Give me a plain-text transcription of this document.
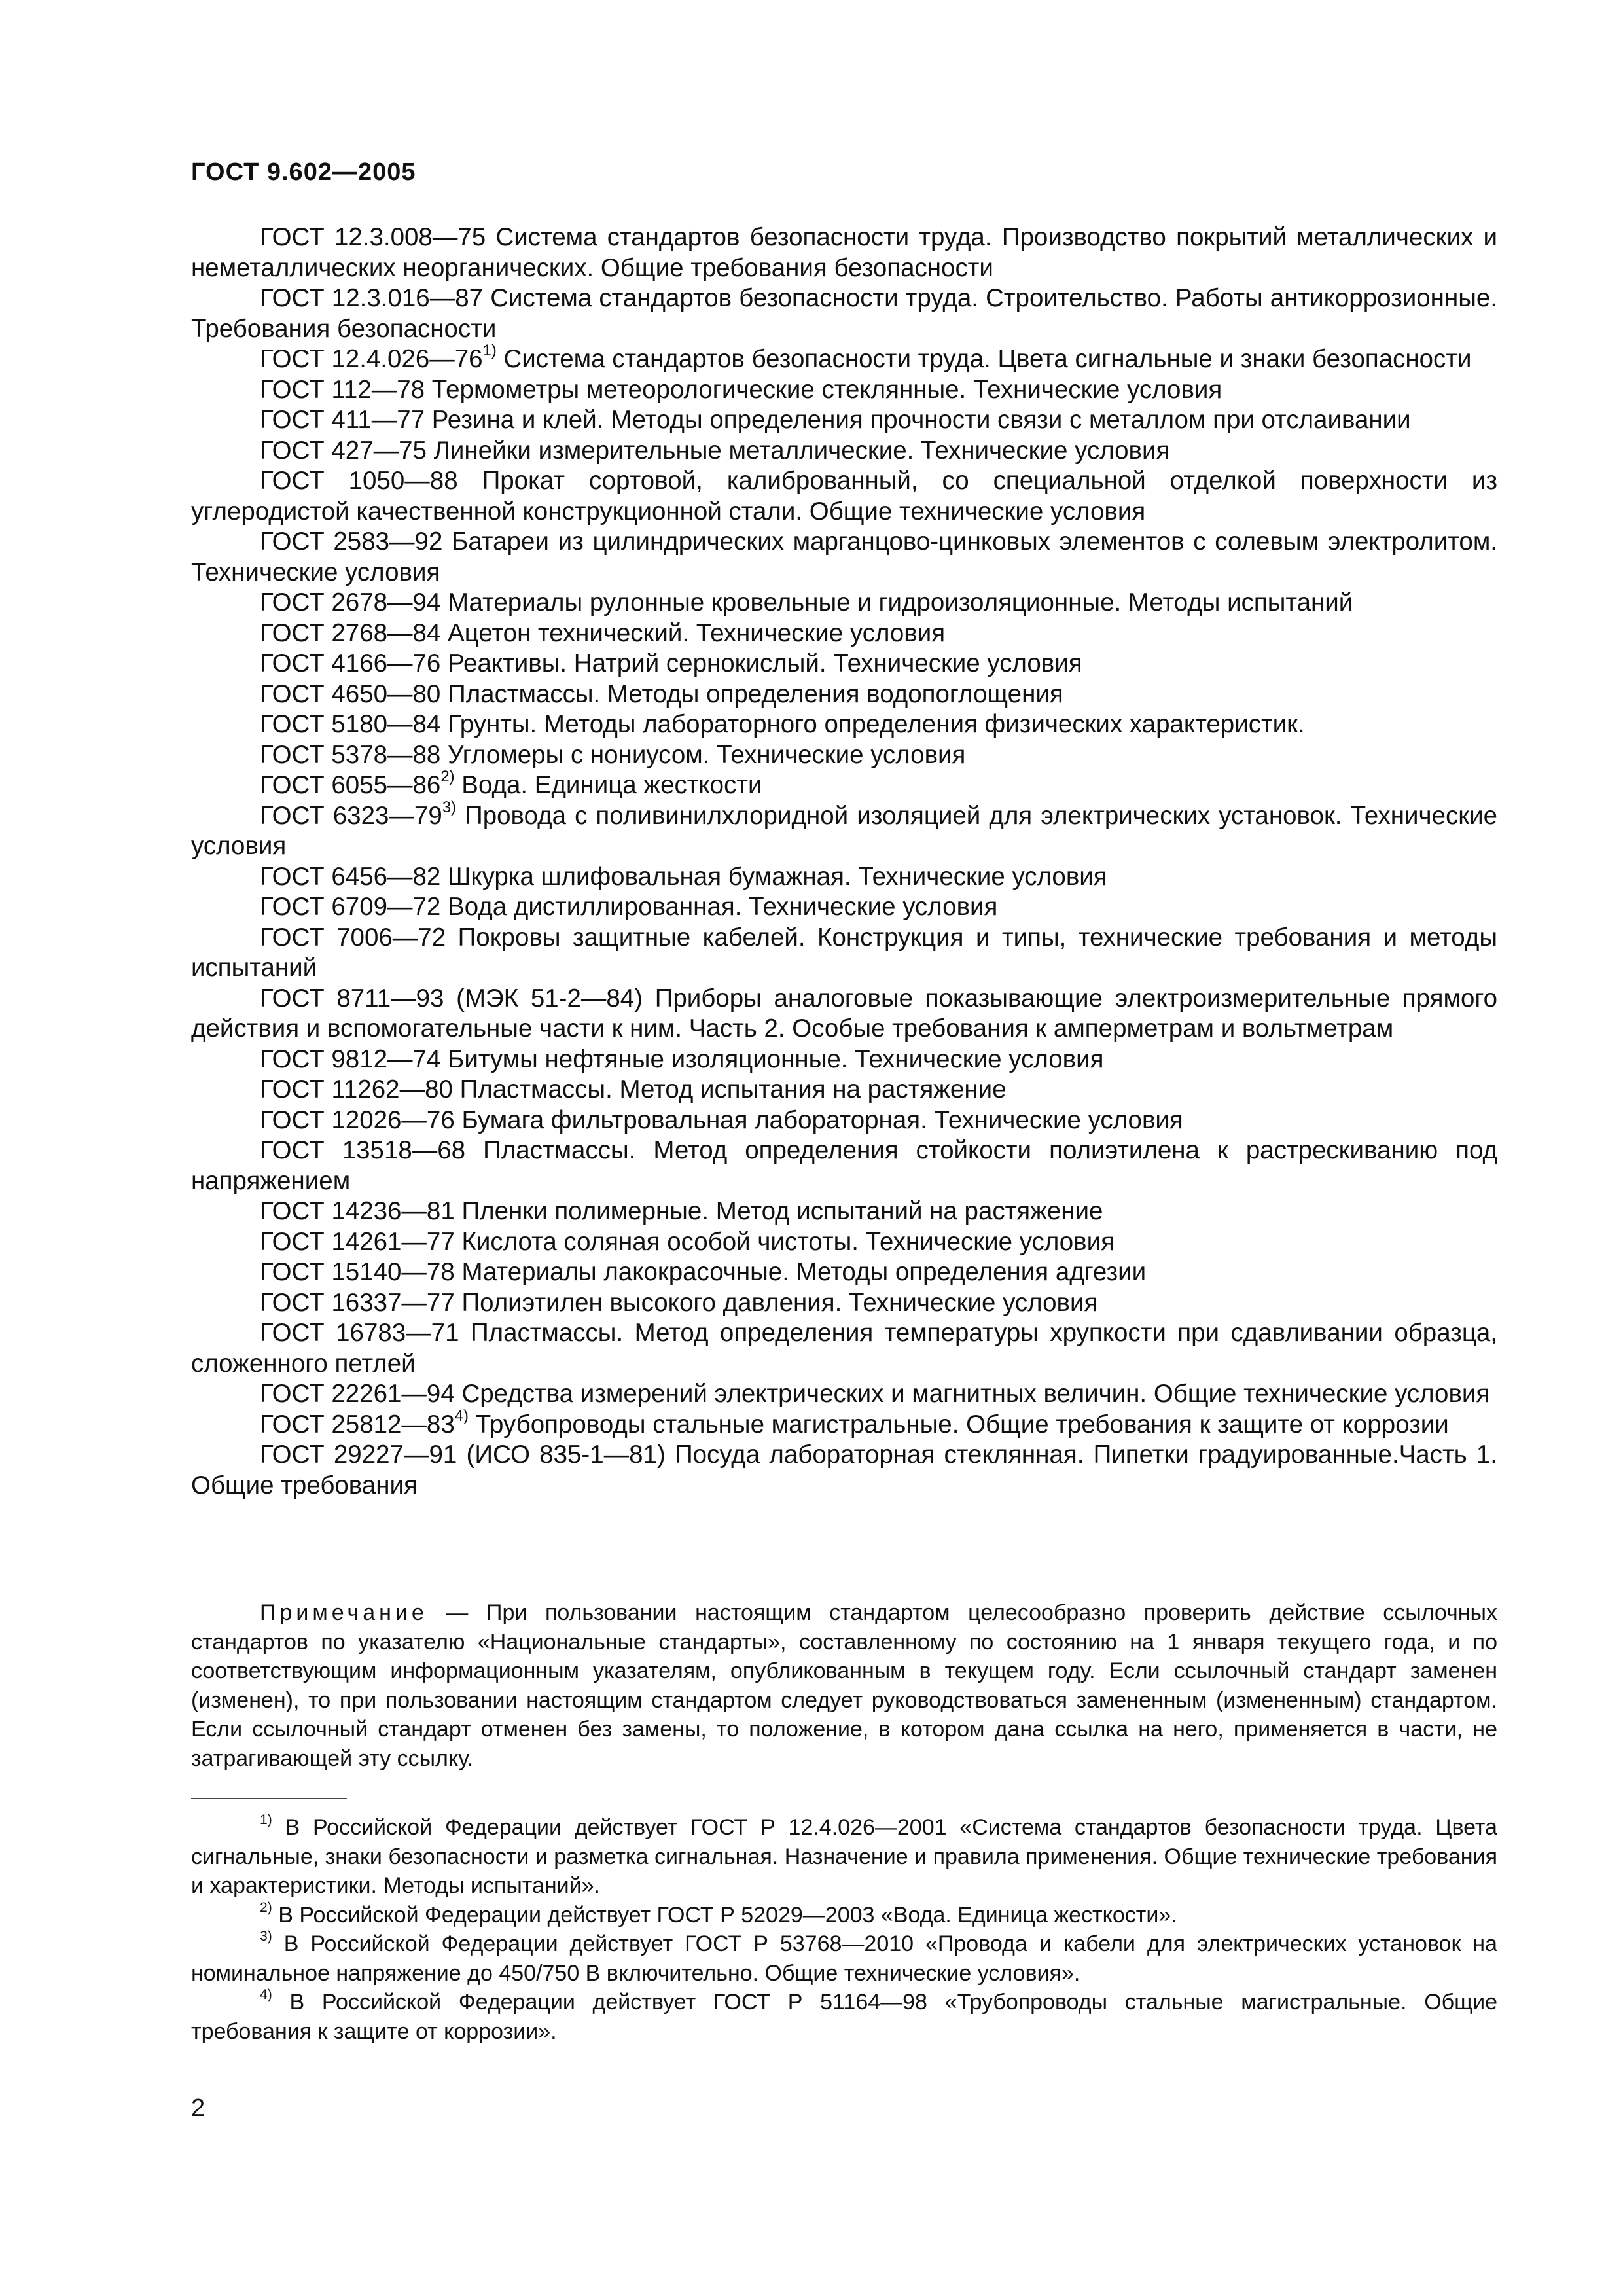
ГОСТ 9.602—2005

ГОСТ 12.3.008—75 Система стандартов безопасности труда. Производство покрытий металлических и неметаллических неорганических. Общие требования безопасности

ГОСТ 12.3.016—87 Система стандартов безопасности труда. Строительство. Работы антикоррозионные. Требования безопасности

ГОСТ 12.4.026—76$^{1)}$ Система стандартов безопасности труда. Цвета сигнальные и знаки безопасности

ГОСТ 112—78 Термометры метеорологические стеклянные. Технические условия

ГОСТ 411—77 Резина и клей. Методы определения прочности связи с металлом при отслаивании

ГОСТ 427—75 Линейки измерительные металлические. Технические условия

ГОСТ 1050—88 Прокат сортовой, калиброванный, со специальной отделкой поверхности из углеродистой качественной конструкционной стали. Общие технические условия

ГОСТ 2583—92 Батареи из цилиндрических марганцово-цинковых элементов с солевым электролитом. Технические условия

ГОСТ 2678—94 Материалы рулонные кровельные и гидроизоляционные. Методы испытаний

ГОСТ 2768—84 Ацетон технический. Технические условия

ГОСТ 4166—76 Реактивы. Натрий сернокислый. Технические условия

ГОСТ 4650—80 Пластмассы. Методы определения водопоглощения

ГОСТ 5180—84 Грунты. Методы лабораторного определения физических характеристик.

ГОСТ 5378—88 Угломеры с нониусом. Технические условия

ГОСТ 6055—86$^{2)}$ Вода. Единица жесткости

ГОСТ 6323—79$^{3)}$ Провода с поливинилхлоридной изоляцией для электрических установок. Технические условия

ГОСТ 6456—82 Шкурка шлифовальная бумажная. Технические условия

ГОСТ 6709—72 Вода дистиллированная. Технические условия

ГОСТ 7006—72 Покровы защитные кабелей. Конструкция и типы, технические требования и методы испытаний

ГОСТ 8711—93 (МЭК 51-2—84) Приборы аналоговые показывающие электроизмерительные прямого действия и вспомогательные части к ним. Часть 2. Особые требования к амперметрам и вольтметрам

ГОСТ 9812—74 Битумы нефтяные изоляционные. Технические условия

ГОСТ 11262—80 Пластмассы. Метод испытания на растяжение

ГОСТ 12026—76 Бумага фильтровальная лабораторная. Технические условия

ГОСТ 13518—68 Пластмассы. Метод определения стойкости полиэтилена к растрескиванию под напряжением

ГОСТ 14236—81 Пленки полимерные. Метод испытаний на растяжение

ГОСТ 14261—77 Кислота соляная особой чистоты. Технические условия

ГОСТ 15140—78 Материалы лакокрасочные. Методы определения адгезии

ГОСТ 16337—77 Полиэтилен высокого давления. Технические условия

ГОСТ 16783—71 Пластмассы. Метод определения температуры хрупкости при сдавливании образца, сложенного петлей

ГОСТ 22261—94 Средства измерений электрических и магнитных величин. Общие технические условия

ГОСТ 25812—83$^{4)}$ Трубопроводы стальные магистральные. Общие требования к защите от коррозии

ГОСТ 29227—91 (ИСО 835-1—81) Посуда лабораторная стеклянная. Пипетки градуированные.Часть 1. Общие требования

Примечание — При пользовании настоящим стандартом целесообразно проверить действие ссылочных стандартов по указателю «Национальные стандарты», составленному по состоянию на 1 января текущего года, и по соответствующим информационным указателям, опубликованным в текущем году. Если ссылочный стандарт заменен (изменен), то при пользовании настоящим стандартом следует руководствоваться замененным (измененным) стандартом. Если ссылочный стандарт отменен без замены, то положение, в котором дана ссылка на него, применяется в части, не затрагивающей эту ссылку.

$^{1)}$ В Российской Федерации действует ГОСТ Р 12.4.026—2001 «Система стандартов безопасности труда. Цвета сигнальные, знаки безопасности и разметка сигнальная. Назначение и правила применения. Общие технические требования и характеристики. Методы испытаний».

$^{2)}$ В Российской Федерации действует ГОСТ Р 52029—2003 «Вода. Единица жесткости».

$^{3)}$ В Российской Федерации действует ГОСТ Р 53768—2010 «Провода и кабели для электрических установок на номинальное напряжение до 450/750 В включительно. Общие технические условия».

$^{4)}$ В Российской Федерации действует ГОСТ Р 51164—98 «Трубопроводы стальные магистральные. Общие требования к защите от коррозии».

2
